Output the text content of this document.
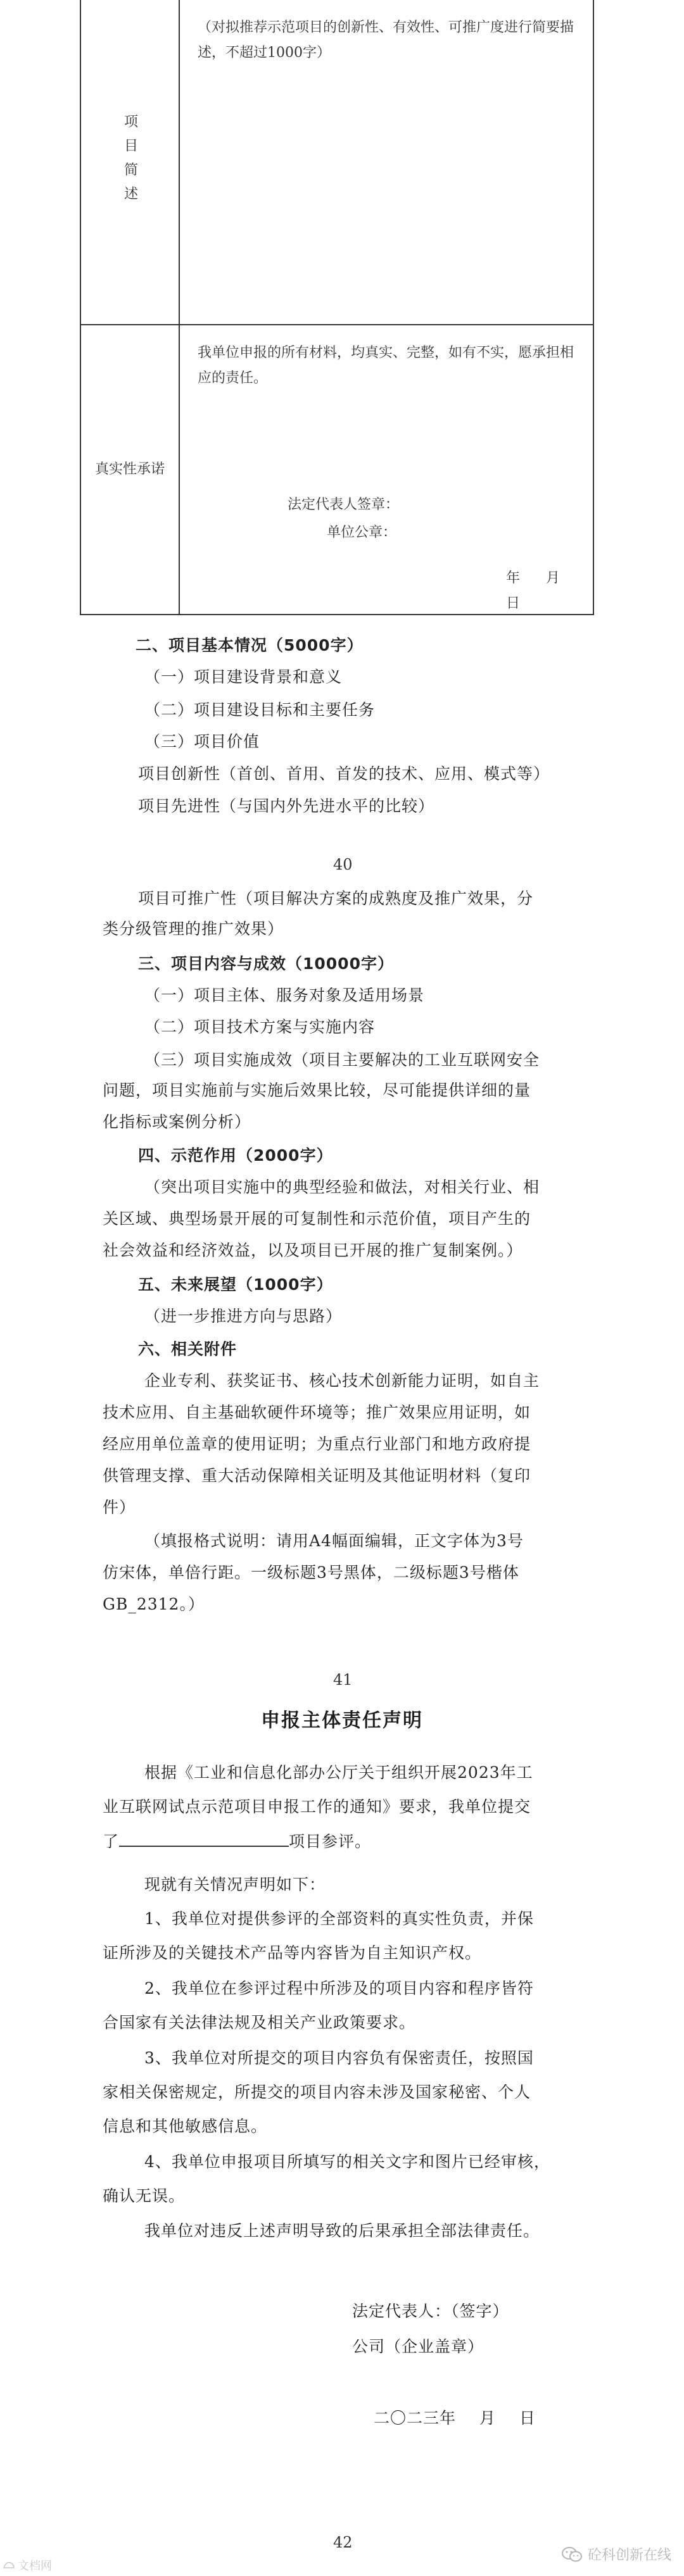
项目简述
（对拟推荐示范项目的创新性、有效性、可推广度进行简要描述，不超过1000字）
真实性承诺
我单位申报的所有材料，均真实、完整，如有不实，愿承担相应的责任。
法定代表人签章：
单位公章：
年 月 日
二、项目基本情况（5000字）
（一）项目建设背景和意义
（二）项目建设目标和主要任务
（三）项目价值
项目创新性（首创、首用、首发的技术、应用、模式等）
项目先进性（与国内外先进水平的比较）
40
项目可推广性（项目解决方案的成熟度及推广效果，分
类分级管理的推广效果）
三、项目内容与成效（10000字）
（一）项目主体、服务对象及适用场景
（二）项目技术方案与实施内容
（三）项目实施成效（项目主要解决的工业互联网安全
问题，项目实施前与实施后效果比较，尽可能提供详细的量
化指标或案例分析）
四、示范作用（2000字）
（突出项目实施中的典型经验和做法，对相关行业、相
关区域、典型场景开展的可复制性和示范价值，项目产生的
社会效益和经济效益，以及项目已开展的推广复制案例。）
五、未来展望（1000字）
（进一步推进方向与思路）
六、相关附件
企业专利、获奖证书、核心技术创新能力证明，如自主
技术应用、自主基础软硬件环境等；推广效果应用证明，如
经应用单位盖章的使用证明；为重点行业部门和地方政府提
供管理支撑、重大活动保障相关证明及其他证明材料（复印
件）
（填报格式说明：请用A4幅面编辑，正文字体为3号
仿宋体，单倍行距。一级标题3号黑体，二级标题3号楷体
GB_2312。）
41
申报主体责任声明
根据《工业和信息化部办公厅关于组织开展2023年工
业互联网试点示范项目申报工作的通知》要求，我单位提交
了	项目参评。
现就有关情况声明如下：
1、我单位对提供参评的全部资料的真实性负责，并保
证所涉及的关键技术产品等内容皆为自主知识产权。
2、我单位在参评过程中所涉及的项目内容和程序皆符
合国家有关法律法规及相关产业政策要求。
3、我单位对所提交的项目内容负有保密责任，按照国
家相关保密规定，所提交的项目内容未涉及国家秘密、个人
信息和其他敏感信息。
4、我单位申报项目所填写的相关文字和图片已经审核，
确认无误。
我单位对违反上述声明导致的后果承担全部法律责任。
法定代表人：（签字）
公司（企业盖章）
二〇二三年 月 日
42
文档网
砼科创新在线
